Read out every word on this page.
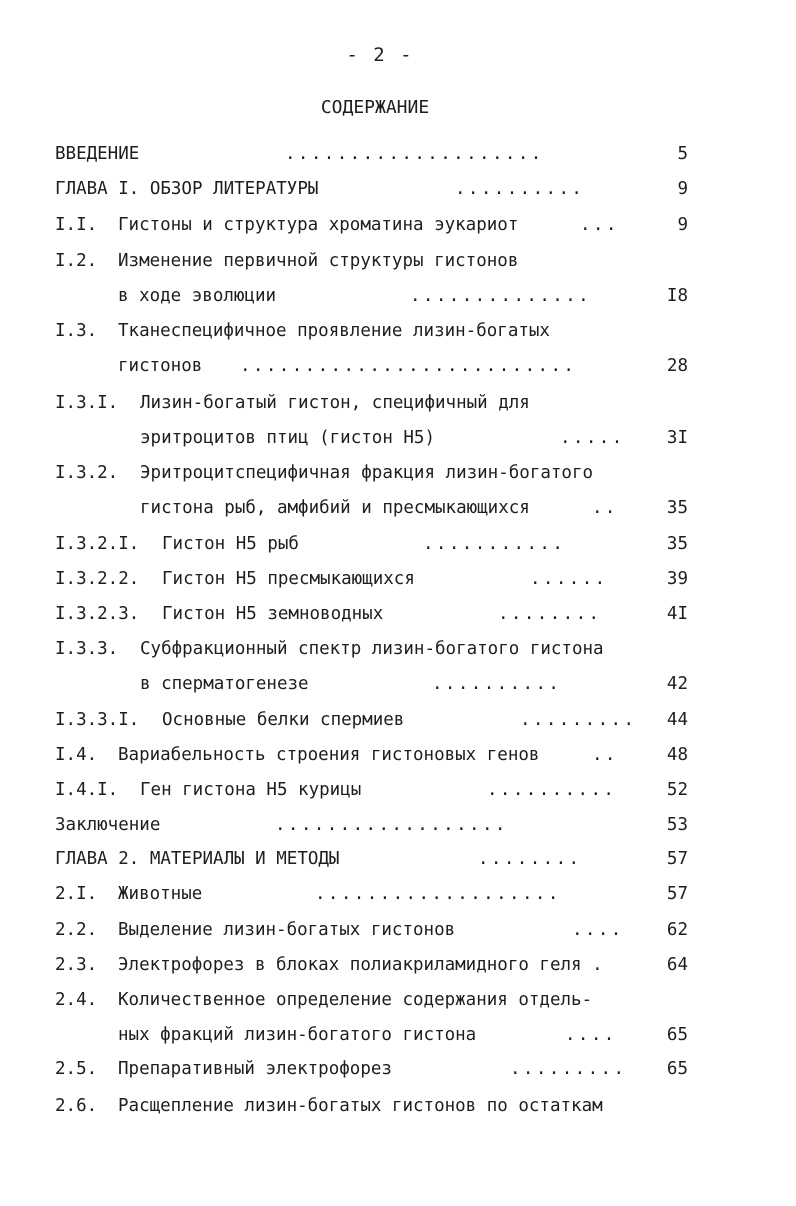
- 2 -
СОДЕРЖАНИЕ
ВВЕДЕНИЕ	....................	5
ГЛАВА I. ОБЗОР ЛИТЕРАТУРЫ	..........	9
I.I. Гистоны и структура хроматина эукариот	...	9
I.2. Изменение первичной структуры гистонов
в ходе эволюции	..............	I8
I.3. Тканеспецифичное проявление лизин-богатых
гистонов ..........................	28
I.3.I. Лизин-богатый гистон, специфичный для
эритроцитов птиц (гистон Н5)	.....	3I
I.3.2. Эритроцитспецифичная фракция лизин-богатого
гистона рыб, амфибий и пресмыкающихся	..	35
I.3.2.I. Гистон Н5 рыб	...........	35
I.3.2.2. Гистон Н5 пресмыкающихся	......	39
I.3.2.3. Гистон Н5 земноводных	........	4I
I.3.3. Субфракционный спектр лизин-богатого гистона
в сперматогенезе	..........	42
I.3.3.I. Основные белки спермиев	.........	44
I.4. Вариабельность строения гистоновых генов	..	48
I.4.I. Ген гистона Н5 курицы	..........	52
Заключение	..................	53
ГЛАВА 2. МАТЕРИАЛЫ И МЕТОДЫ	........	57
2.I. Животные	...................	57
2.2. Выделение лизин-богатых гистонов	....	62
2.3. Электрофорез в блоках полиакриламидного геля .	64
2.4. Количественное определение содержания отдель-
ных фракций лизин-богатого гистона	....	65
2.5. Препаративный электрофорез	.........	65
2.6. Расщепление лизин-богатых гистонов по остаткам
